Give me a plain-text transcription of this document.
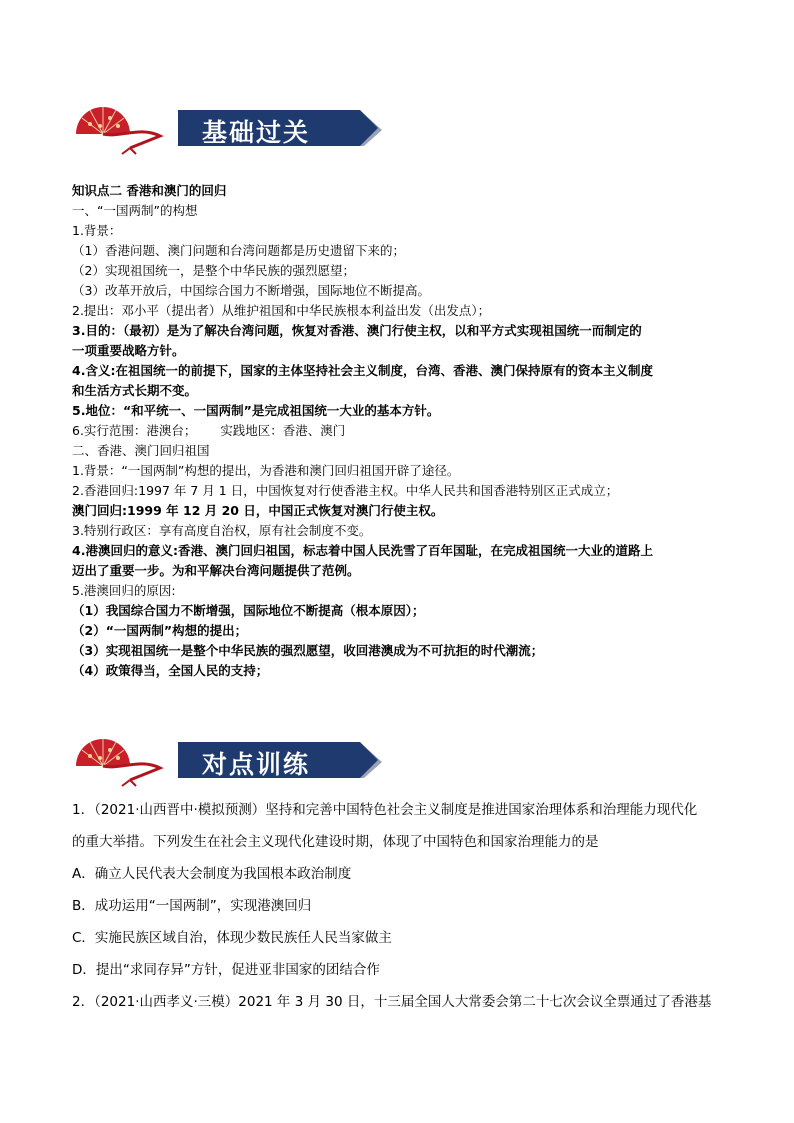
基础过关
知识点二 香港和澳门的回归
一、“一国两制”的构想
1.背景：
（1）香港问题、澳门问题和台湾问题都是历史遗留下来的；
（2）实现祖国统一，是整个中华民族的强烈愿望；
（3）改革开放后，中国综合国力不断增强，国际地位不断提高。
2.提出：邓小平（提出者）从维护祖国和中华民族根本利益出发（出发点）；
3.目的：（最初）是为了解决台湾问题，恢复对香港、澳门行使主权，以和平方式实现祖国统一而制定的
一项重要战略方针。
4.含义:在祖国统一的前提下，国家的主体坚持社会主义制度，台湾、香港、澳门保持原有的资本主义制度
和生活方式长期不变。
5.地位：“和平统一、一国两制”是完成祖国统一大业的基本方针。
6.实行范围：港澳台；      实践地区：香港、澳门
二、香港、澳门回归祖国
1.背景：“一国两制”构想的提出，为香港和澳门回归祖国开辟了途径。
2.香港回归:1997 年 7 月 1 日，中国恢复对行使香港主权。中华人民共和国香港特别区正式成立；
澳门回归:1999 年 12 月 20 日，中国正式恢复对澳门行使主权。
3.特别行政区：享有高度自治权，原有社会制度不变。
4.港澳回归的意义:香港、澳门回归祖国，标志着中国人民洗雪了百年国耻，在完成祖国统一大业的道路上
迈出了重要一步。为和平解决台湾问题提供了范例。
5.港澳回归的原因:
（1）我国综合国力不断增强，国际地位不断提高（根本原因）；
（2）“一国两制”构想的提出；
（3）实现祖国统一是整个中华民族的强烈愿望，收回港澳成为不可抗拒的时代潮流；
（4）政策得当，全国人民的支持；
对点训练
1．（2021·山西晋中·模拟预测）坚持和完善中国特色社会主义制度是推进国家治理体系和治理能力现代化
的重大举措。下列发生在社会主义现代化建设时期，体现了中国特色和国家治理能力的是
A．确立人民代表大会制度为我国根本政治制度
B．成功运用“一国两制”，实现港澳回归
C．实施民族区域自治，体现少数民族任人民当家做主
D．提出“求同存异”方针，促进亚非国家的团结合作
2．（2021·山西孝义·三模）2021 年 3 月 30 日，十三届全国人大常委会第二十七次会议全票通过了香港基
